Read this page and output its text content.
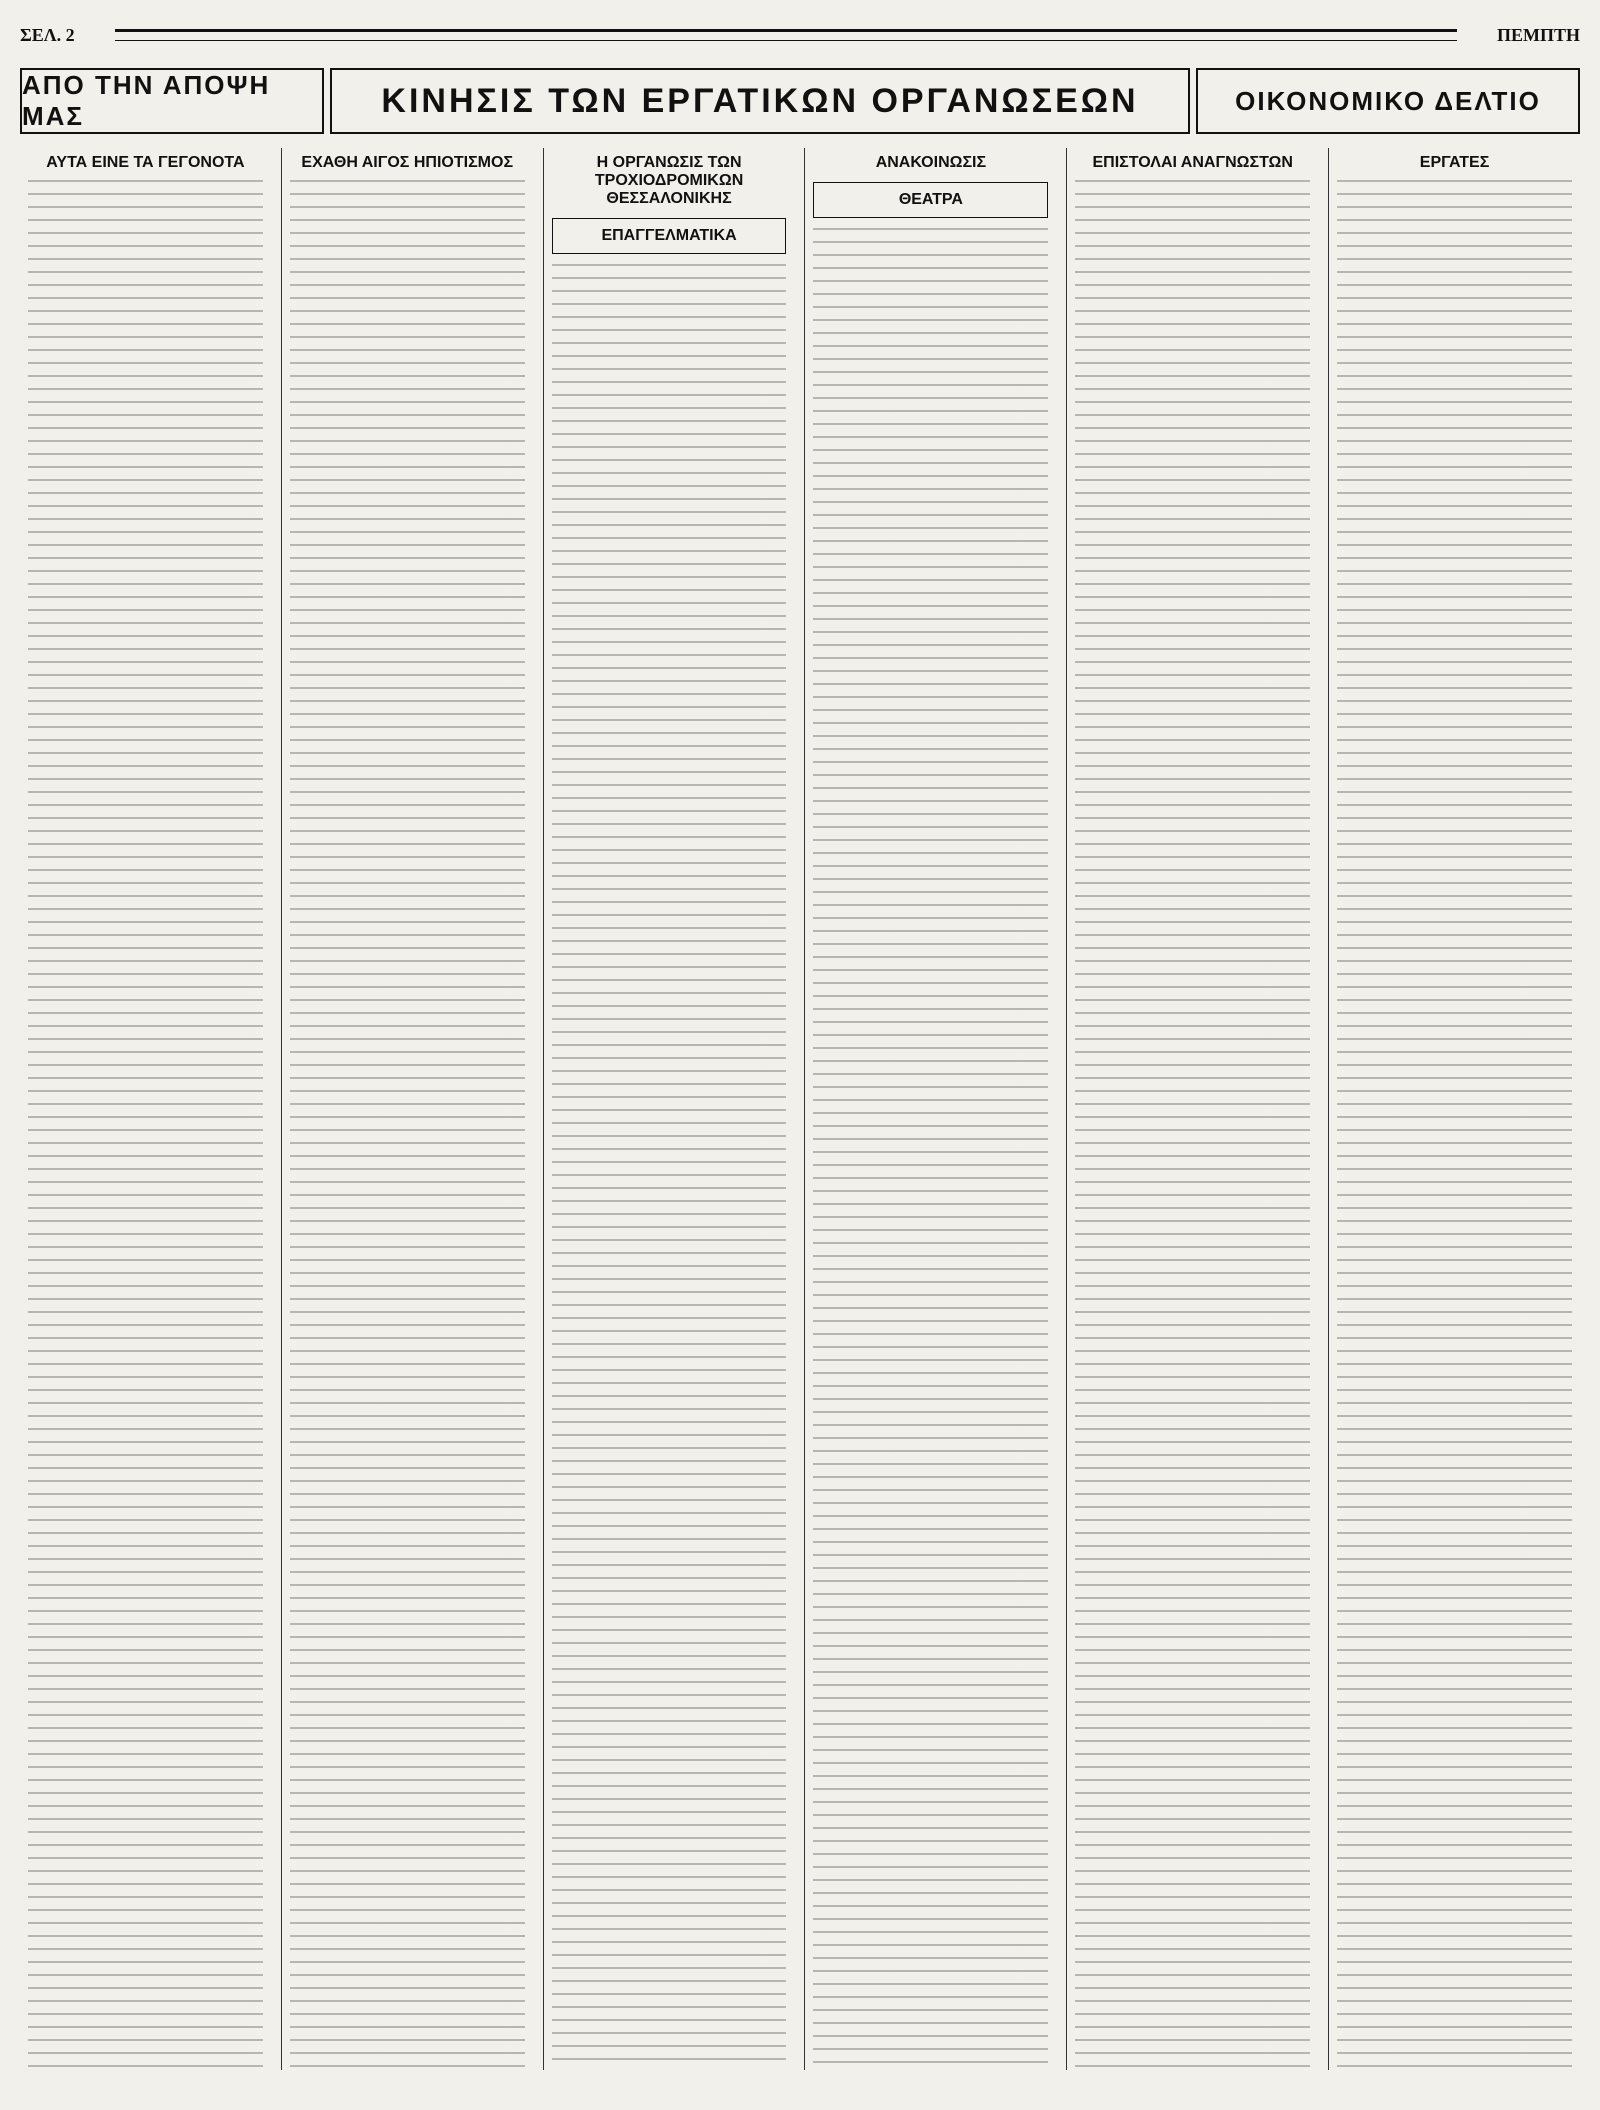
ΣΕΛ. 2	ΠΕΜΠΤΗ
ΑΠΟ ΤΗΝ ΑΠΟΨΗ ΜΑΣ	ΚΙΝΗΣΙΣ ΤΩΝ ΕΡΓΑΤΙΚΩΝ ΟΡΓΑΝΩΣΕΩΝ	ΟΙΚΟΝΟΜΙΚΟ ΔΕΛΤΙΟ
ΑΥΤΑ ΕΙΝΕ ΤΑ ΓΕΓΟΝΟΤΑ	ΕΧΑΘΗ ΑΙΓΟΣ ΗΠΙΟΤΙΣΜΟΣ	Η ΟΡΓΑΝΩΣΙΣ ΤΩΝ ΤΡΟΧΙΟΔΡΟΜΙΚΩΝ ΘΕΣΣΑΛΟΝΙΚΗΣ
ΕΠΑΓΓΕΛΜΑΤΙΚΑ
ΑΝΑΚΟΙΝΩΣΙΣ
ΘΕΑΤΡΑ
ΕΠΙΣΤΟΛΑΙ ΑΝΑΓΝΩΣΤΩΝ	ΕΡΓΑΤΕΣ
